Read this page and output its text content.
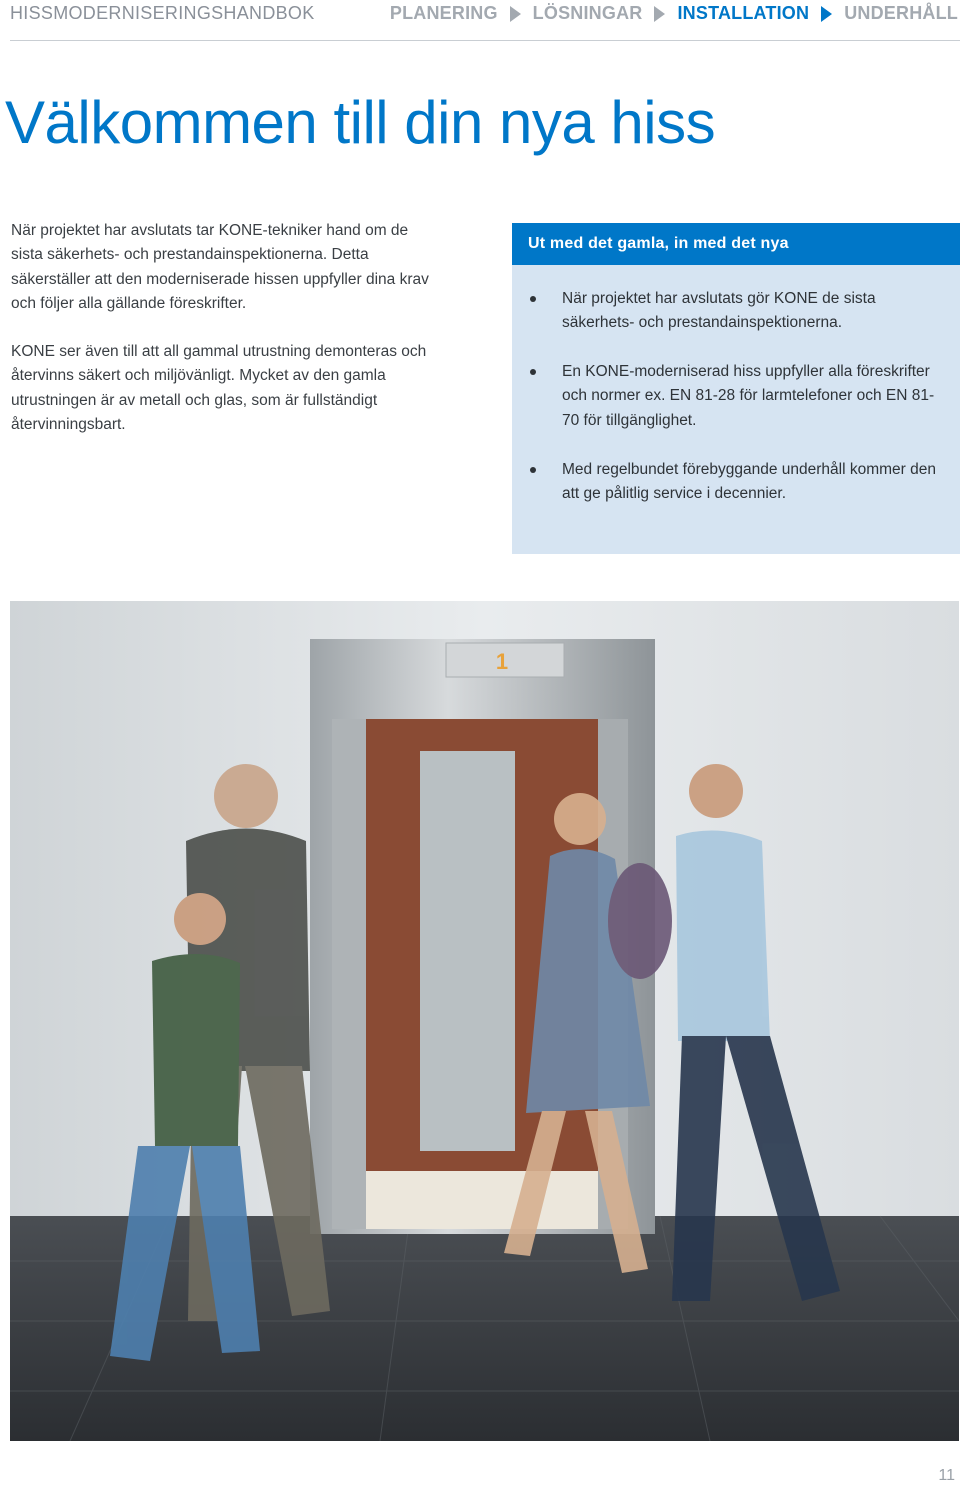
HISSMODERNISERINGSHANDBOK	PLANERING LÖSNINGAR INSTALLATION UNDERHÅLL
Välkommen till din nya hiss

När projektet har avslutats tar KONE-tekniker hand om de sista säkerhets- och prestandainspektionerna. Detta säkerställer att den moderniserade hissen uppfyller dina krav och följer alla gällande föreskrifter.

KONE ser även till att all gammal utrustning demonteras och återvinns säkert och miljövänligt. Mycket av den gamla utrustningen är av metall och glas, som är fullständigt återvinningsbart.

Ut med det gamla, in med det nya
När projektet har avslutats gör KONE de sista säkerhets- och prestandainspektionerna.
En KONE-moderniserad hiss uppfyller alla föreskrifter och normer ex. EN 81-28 för larmtelefoner och EN 81-70 för tillgänglighet.
Med regelbundet förebyggande underhåll kommer den att ge pålitlig service i decennier.
1
11
